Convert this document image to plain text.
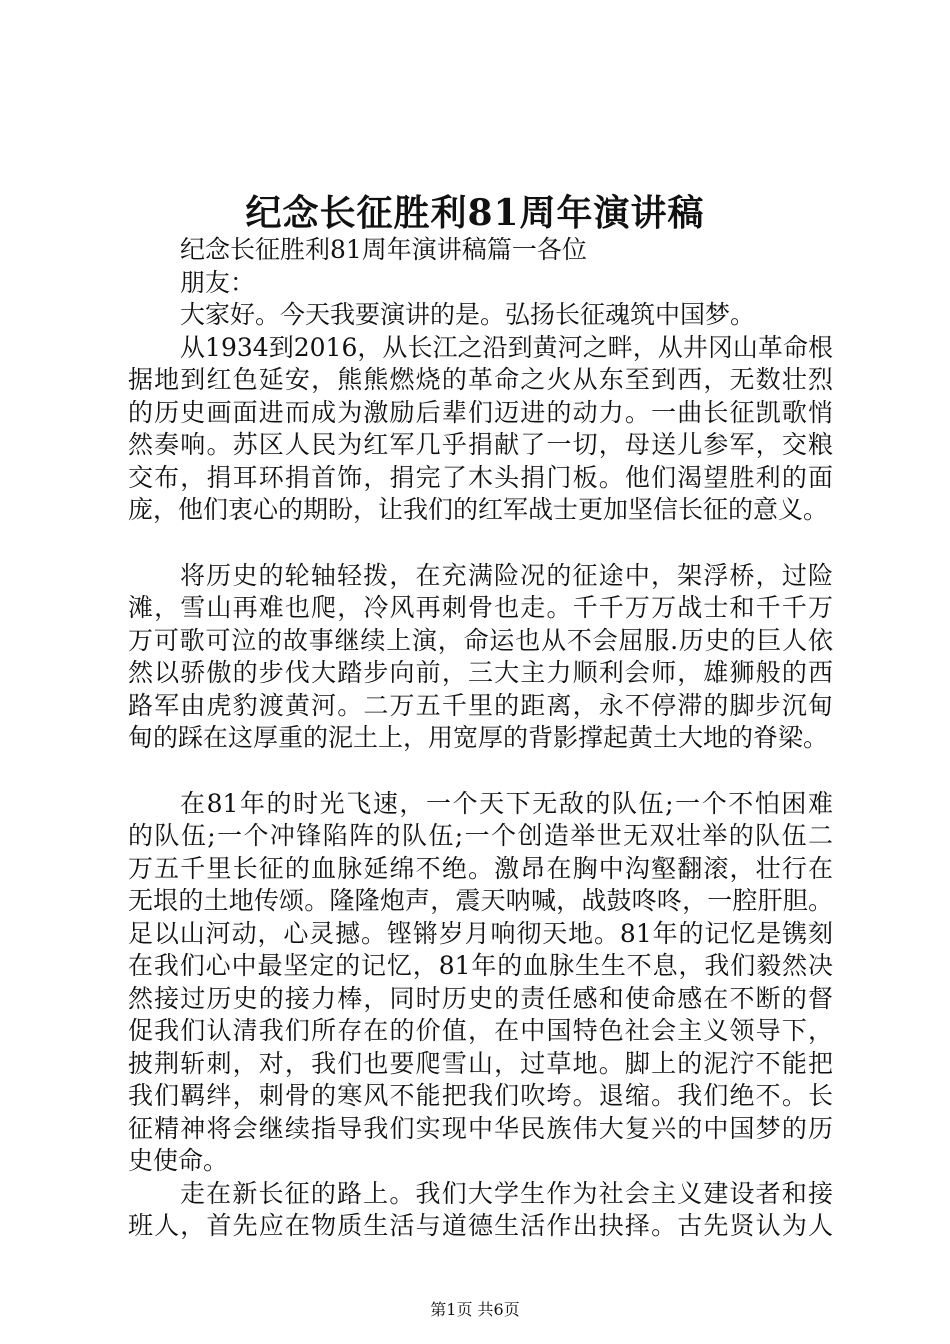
纪念长征胜利81周年演讲稿
纪念长征胜利81周年演讲稿篇一各位
朋友：
大家好。今天我要演讲的是。弘扬长征魂筑中国梦。
从1934到2016，从长江之沿到黄河之畔，从井冈山革命根
据地到红色延安，熊熊燃烧的革命之火从东至到西，无数壮烈
的历史画面进而成为激励后辈们迈进的动力。一曲长征凯歌悄
然奏响。苏区人民为红军几乎捐献了一切，母送儿参军，交粮
交布，捐耳环捐首饰，捐完了木头捐门板。他们渴望胜利的面
庞，他们衷心的期盼，让我们的红军战士更加坚信长征的意义。
将历史的轮轴轻拨，在充满险况的征途中，架浮桥，过险
滩，雪山再难也爬，冷风再刺骨也走。千千万万战士和千千万
万可歌可泣的故事继续上演，命运也从不会屈服.历史的巨人依
然以骄傲的步伐大踏步向前，三大主力顺利会师，雄狮般的西
路军由虎豹渡黄河。二万五千里的距离，永不停滞的脚步沉甸
甸的踩在这厚重的泥土上，用宽厚的背影撑起黄土大地的脊梁。
在81年的时光飞速，一个天下无敌的队伍;一个不怕困难
的队伍;一个冲锋陷阵的队伍;一个创造举世无双壮举的队伍二
万五千里长征的血脉延绵不绝。激昂在胸中沟壑翻滚，壮行在
无垠的土地传颂。隆隆炮声，震天呐喊，战鼓咚咚，一腔肝胆。
足以山河动，心灵撼。铿锵岁月响彻天地。81年的记忆是镌刻
在我们心中最坚定的记忆，81年的血脉生生不息，我们毅然决
然接过历史的接力棒，同时历史的责任感和使命感在不断的督
促我们认清我们所存在的价值，在中国特色社会主义领导下，
披荆斩刺，对，我们也要爬雪山，过草地。脚上的泥泞不能把
我们羁绊，刺骨的寒风不能把我们吹垮。退缩。我们绝不。长
征精神将会继续指导我们实现中华民族伟大复兴的中国梦的历
史使命。
走在新长征的路上。我们大学生作为社会主义建设者和接
班人，首先应在物质生活与道德生活作出抉择。古先贤认为人
第1页 共6页
